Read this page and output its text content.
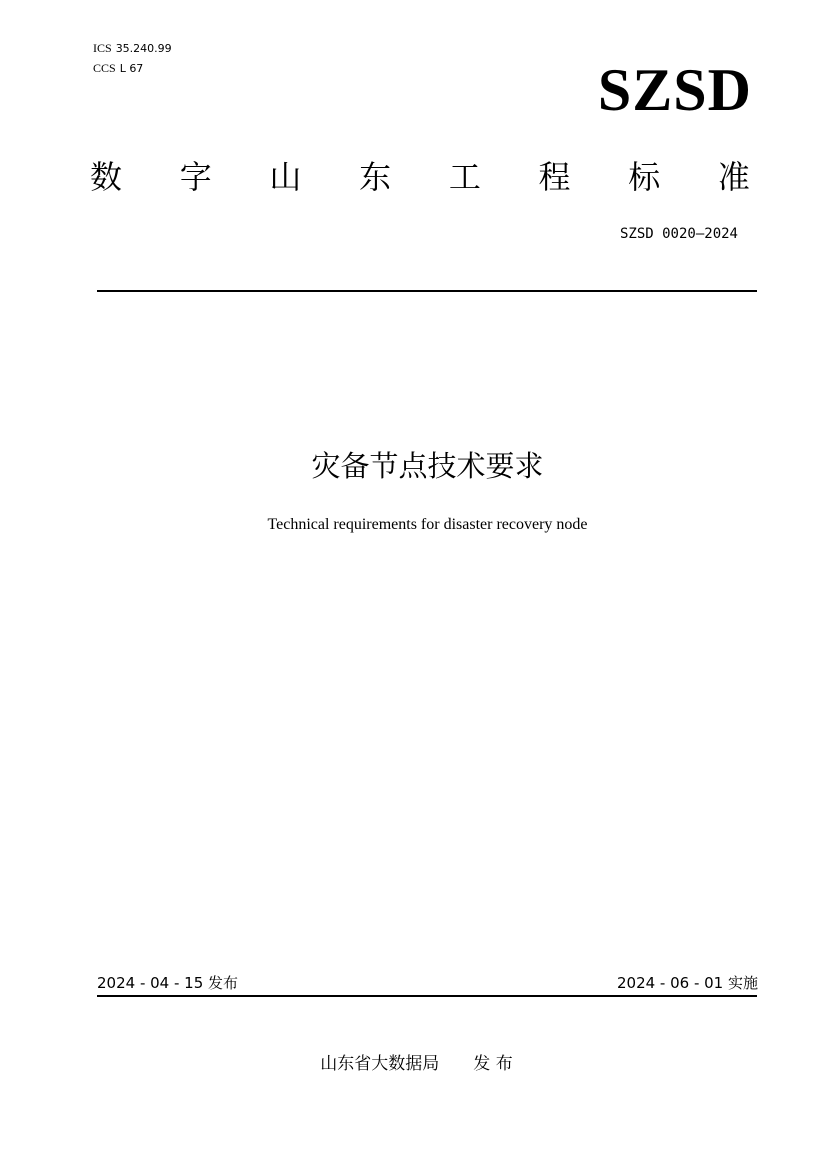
ICS 35.240.99
CCS L 67	SZSD
数 字 山 东 工 程 标 准
SZSD 0020—2024
灾备节点技术要求
Technical requirements for disaster recovery node
2024 - 04 - 15 发布	2024 - 06 - 01 实施
山东省大数据局 发 布
